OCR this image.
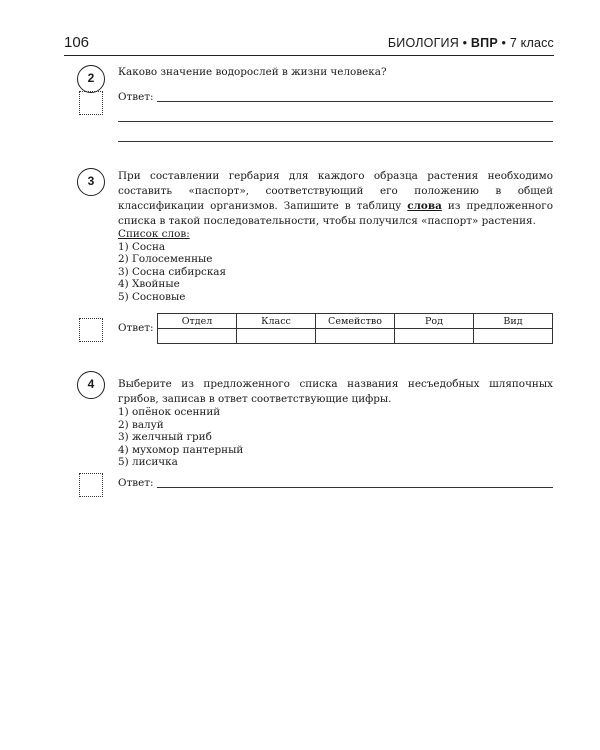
106	БИОЛОГИЯ • ВПР • 7 класс
2	Каково значение водорослей в жизни человека?
Ответ:
3	При составлении гербария для каждого образца растения необходимо составить «паспорт», соответствующий его положению в общей классификации организмов. Запишите в таблицу слова из предложенного списка в такой последовательности, чтобы получился «паспорт» растения.
Список слов:
1) Сосна
2) Голосеменные
3) Сосна сибирская
4) Хвойные
5) Сосновые
Ответ:
Отдел	Класс	Семейство	Род	Вид

4	Выберите из предложенного списка названия несъедобных шляпочных грибов, записав в ответ соответствующие цифры.
1) опёнок осенний
2) валуй
3) желчный гриб
4) мухомор пантерный
5) лисичка
Ответ:
